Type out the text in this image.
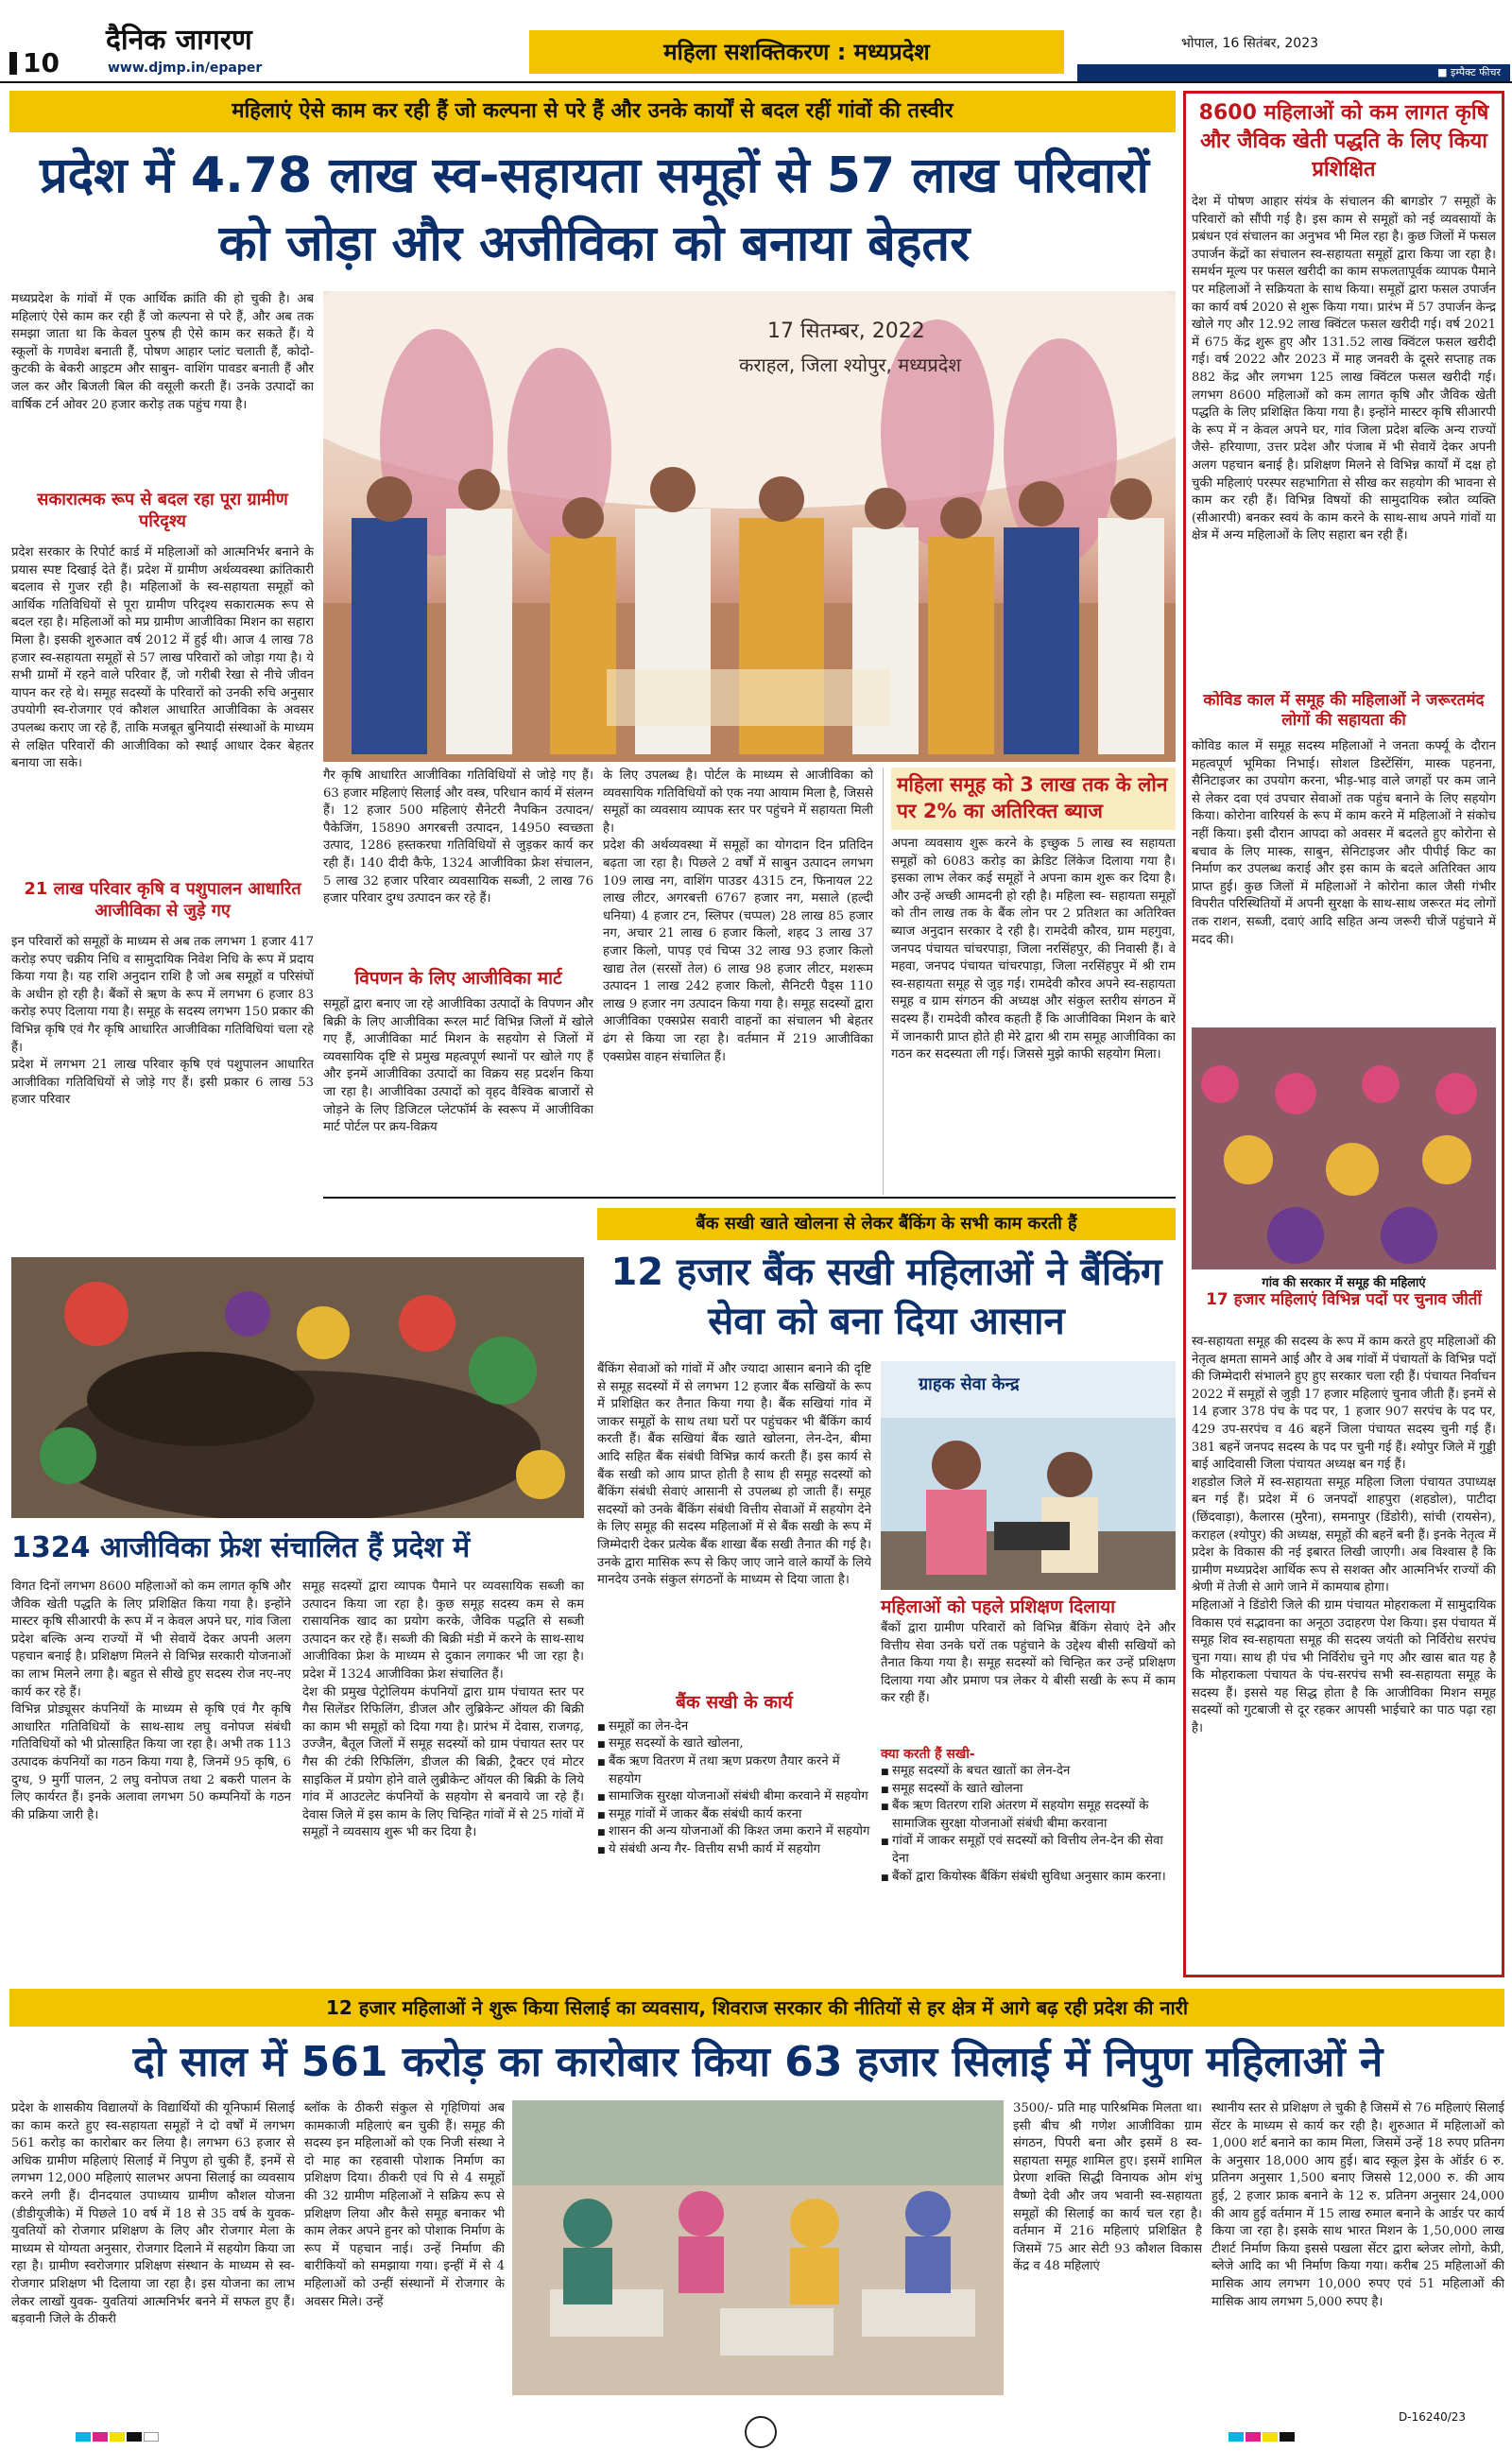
10
दैनिक जागरण
www.djmp.in/epaper
महिला सशक्तिकरण : मध्यप्रदेश	भोपाल, 16 सितंबर, 2023
■ इम्पैक्ट फीचर
महिलाएं ऐसे काम कर रही हैं जो कल्पना से परे हैं और उनके कार्यों से बदल रहीं गांवों की तस्वीर
प्रदेश में 4.78 लाख स्व-सहायता समूहों से 57 लाख परिवारों को जोड़ा और अजीविका को बनाया बेहतर
मध्यप्रदेश के गांवों में एक आर्थिक क्रांति की हो चुकी है। अब महिलाएं ऐसे काम कर रही हैं जो कल्पना से परे हैं, और अब तक समझा जाता था कि केवल पुरुष ही ऐसे काम कर सकते हैं। ये स्कूलों के गणवेश बनाती हैं, पोषण आहार प्लांट चलाती हैं, कोदो-कुटकी के बेकरी आइटम और साबुन- वाशिंग पावडर बनाती हैं और जल कर और बिजली बिल की वसूली करती हैं। उनके उत्पादों का वार्षिक टर्न ओवर 20 हजार करोड़ तक पहुंच गया है।
सकारात्मक रूप से बदल रहा पूरा ग्रामीण परिदृश्य
प्रदेश सरकार के रिपोर्ट कार्ड में महिलाओं को आत्मनिर्भर बनाने के प्रयास स्पष्ट दिखाई देते हैं। प्रदेश में ग्रामीण अर्थव्यवस्था क्रांतिकारी बदलाव से गुजर रही है। महिलाओं के स्व-सहायता समूहों को आर्थिक गतिविधियों से पूरा ग्रामीण परिदृश्य सकारात्मक रूप से बदल रहा है। महिलाओं को मप्र ग्रामीण आजीविका मिशन का सहारा मिला है। इसकी शुरुआत वर्ष 2012 में हुई थी। आज 4 लाख 78 हजार स्व-सहायता समूहों से 57 लाख परिवारों को जोड़ा गया है। ये सभी ग्रामों में रहने वाले परिवार हैं, जो गरीबी रेखा से नीचे जीवन यापन कर रहे थे। समूह सदस्यों के परिवारों को उनकी रुचि अनुसार उपयोगी स्व-रोजगार एवं कौशल आधारित आजीविका के अवसर उपलब्ध कराए जा रहे हैं, ताकि मजबूत बुनियादी संस्थाओं के माध्यम से लक्षित परिवारों की आजीविका को स्थाई आधार देकर बेहतर बनाया जा सके।
21 लाख परिवार कृषि व पशुपालन आधारित आजीविका से जुड़े गए
इन परिवारों को समूहों के माध्यम से अब तक लगभग 1 हजार 417 करोड़ रुपए चक्रीय निधि व सामुदायिक निवेश निधि के रूप में प्रदाय किया गया है। यह राशि अनुदान राशि है जो अब समूहों व परिसंघों के अधीन हो रही है। बैंकों से ऋण के रूप में लगभग 6 हजार 83 करोड़ रुपए दिलाया गया है। समूह के सदस्य लगभग 150 प्रकार की विभिन्न कृषि एवं गैर कृषि आधारित आजीविका गतिविधियां चला रहे हैं।
प्रदेश में लगभग 21 लाख परिवार कृषि एवं पशुपालन आधारित आजीविका गतिविधियों से जोड़े गए हैं। इसी प्रकार 6 लाख 53 हजार परिवार
17 सितम्बर, 2022
कराहल, जिला श्योपुर, मध्यप्रदेश
गैर कृषि आधारित आजीविका गतिविधियों से जोड़े गए हैं। 63 हजार महिलाएं सिलाई और वस्त्र, परिधान कार्य में संलग्न हैं। 12 हजार 500 महिलाएं सैनेटरी नैपकिन उत्पादन/पैकेजिंग, 15890 अगरबत्ती उत्पादन, 14950 स्वच्छता उत्पाद, 1286 हस्तकरघा गतिविधियों से जुड़कर कार्य कर रही हैं। 140 दीदी कैफे, 1324 आजीविका फ्रेश संचालन, 5 लाख 32 हजार परिवार व्यवसायिक सब्जी, 2 लाख 76 हजार परिवार दुग्ध उत्पादन कर रहे हैं।
विपणन के लिए आजीविका मार्ट
समूहों द्वारा बनाए जा रहे आजीविका उत्पादों के विपणन और बिक्री के लिए आजीविका रूरल मार्ट विभिन्न जिलों में खोले गए हैं, आजीविका मार्ट मिशन के सहयोग से जिलों में व्यवसायिक दृष्टि से प्रमुख महत्वपूर्ण स्थानों पर खोले गए हैं और इनमें आजीविका उत्पादों का विक्रय सह प्रदर्शन किया जा रहा है। आजीविका उत्पादों को वृहद वैश्विक बाजारों से जोड़ने के लिए डिजिटल प्लेटफॉर्म के स्वरूप में आजीविका मार्ट पोर्टल पर क्रय-विक्रय
के लिए उपलब्ध है। पोर्टल के माध्यम से आजीविका को व्यवसायिक गतिविधियों को एक नया आयाम मिला है, जिससे समूहों का व्यवसाय व्यापक स्तर पर पहुंचने में सहायता मिली है।
प्रदेश की अर्थव्यवस्था में समूहों का योगदान दिन प्रतिदिन बढ़ता जा रहा है। पिछले 2 वर्षों में साबुन उत्पादन लगभग 109 लाख नग, वाशिंग पाउडर 4315 टन, फिनायल 22 लाख लीटर, अगरबत्ती 6767 हजार नग, मसाले (हल्दी धनिया) 4 हजार टन, स्लिपर (चप्पल) 28 लाख 85 हजार नग, अचार 21 लाख 6 हजार किलो, शहद 3 लाख 37 हजार किलो, पापड़ एवं चिप्स 32 लाख 93 हजार किलो खाद्य तेल (सरसों तेल) 6 लाख 98 हजार लीटर, मशरूम उत्पादन 1 लाख 242 हजार किलो, सैनिटरी पैड्स 110 लाख 9 हजार नग उत्पादन किया गया है। समूह सदस्यों द्वारा आजीविका एक्सप्रेस सवारी वाहनों का संचालन भी बेहतर ढंग से किया जा रहा है। वर्तमान में 219 आजीविका एक्सप्रेस वाहन संचालित हैं।
महिला समूह को 3 लाख तक के लोन पर 2% का अतिरिक्त ब्याज
अपना व्यवसाय शुरू करने के इच्छुक 5 लाख स्व सहायता समूहों को 6083 करोड़ का क्रेडिट लिंकेज दिलाया गया है। इसका लाभ लेकर कई समूहों ने अपना काम शुरू कर दिया है। और उन्हें अच्छी आमदनी हो रही है। महिला स्व- सहायता समूहों को तीन लाख तक के बैंक लोन पर 2 प्रतिशत का अतिरिक्त ब्याज अनुदान सरकार दे रही है। रामदेवी कौरव, ग्राम महगुवा, जनपद पंचायत चांचरपाड़ा, जिला नरसिंहपुर, की निवासी हैं। वे महवा, जनपद पंचायत चांचरपाड़ा, जिला नरसिंहपुर में श्री राम स्व-सहायता समूह से जुड़ गई। रामदेवी कौरव अपने स्व-सहायता समूह व ग्राम संगठन की अध्यक्ष और संकुल स्तरीय संगठन में सदस्य हैं। रामदेवी कौरव कहती हैं कि आजीविका मिशन के बारे में जानकारी प्राप्त होते ही मेरे द्वारा श्री राम समूह आजीविका का गठन कर सदस्यता ली गई। जिससे मुझे काफी सहयोग मिला।
बैंक सखी खाते खोलना से लेकर बैंकिंग के सभी काम करती हैं
12 हजार बैंक सखी महिलाओं ने बैंकिंग सेवा को बना दिया आसान
1324 आजीविका फ्रेश संचालित हैं प्रदेश में
विगत दिनों लगभग 8600 महिलाओं को कम लागत कृषि और जैविक खेती पद्धति के लिए प्रशिक्षित किया गया है। इन्होंने मास्टर कृषि सीआरपी के रूप में न केवल अपने घर, गांव जिला प्रदेश बल्कि अन्य राज्यों में भी सेवायें देकर अपनी अलग पहचान बनाई है। प्रशिक्षण मिलने से विभिन्न सरकारी योजनाओं का लाभ मिलने लगा है। बहुत से सीखे हुए सदस्य रोज नए-नए कार्य कर रहे हैं।
विभिन्न प्रोड्यूसर कंपनियों के माध्यम से कृषि एवं गैर कृषि आधारित गतिविधियों के साथ-साथ लघु वनोपज संबंधी गतिविधियों को भी प्रोत्साहित किया जा रहा है। अभी तक 113 उत्पादक कंपनियों का गठन किया गया है, जिनमें 95 कृषि, 6 दुग्ध, 9 मुर्गी पालन, 2 लघु वनोपज तथा 2 बकरी पालन के लिए कार्यरत हैं। इनके अलावा लगभग 50 कम्पनियों के गठन की प्रक्रिया जारी है।
समूह सदस्यों द्वारा व्यापक पैमाने पर व्यवसायिक सब्जी का उत्पादन किया जा रहा है। कुछ समूह सदस्य कम से कम रासायनिक खाद का प्रयोग करके, जैविक पद्धति से सब्जी उत्पादन कर रहे हैं। सब्जी की बिक्री मंडी में करने के साथ-साथ आजीविका फ्रेश के माध्यम से दुकान लगाकर भी जा रहा है। प्रदेश में 1324 आजीविका फ्रेश संचालित हैं।
देश की प्रमुख पेट्रोलियम कंपनियों द्वारा ग्राम पंचायत स्तर पर गैस सिलेंडर रिफिलिंग, डीजल और लुब्रिकेन्ट ऑयल की बिक्री का काम भी समूहों को दिया गया है। प्रारंभ में देवास, राजगढ़, उज्जैन, बैतूल जिलों में समूह सदस्यों को ग्राम पंचायत स्तर पर गैस की टंकी रिफिलिंग, डीजल की बिक्री, ट्रैक्टर एवं मोटर साइकिल में प्रयोग होने वाले लुब्रीकेन्ट ऑयल की बिक्री के लिये गांव में आउटलेट कंपनियों के सहयोग से बनवाये जा रहे हैं। देवास जिले में इस काम के लिए चिन्हित गांवों में से 25 गांवों में समूहों ने व्यवसाय शुरू भी कर दिया है।
बैंकिंग सेवाओं को गांवों में और ज्यादा आसान बनाने की दृष्टि से समूह सदस्यों में से लगभग 12 हजार बैंक सखियों के रूप में प्रशिक्षित कर तैनात किया गया है। बैंक सखियां गांव में जाकर समूहों के साथ तथा घरों पर पहुंचकर भी बैंकिंग कार्य करती हैं। बैंक सखियां बैंक खाते खोलना, लेन-देन, बीमा आदि सहित बैंक संबंधी विभिन्न कार्य करती हैं। इस कार्य से बैंक सखी को आय प्राप्त होती है साथ ही समूह सदस्यों को बैंकिंग संबंधी सेवाएं आसानी से उपलब्ध हो जाती हैं। समूह सदस्यों को उनके बैंकिंग संबंधी वित्तीय सेवाओं में सहयोग देने के लिए समूह की सदस्य महिलाओं में से बैंक सखी के रूप में जिम्मेदारी देकर प्रत्येक बैंक शाखा बैंक सखी तैनात की गई है। उनके द्वारा मासिक रूप से किए जाए जाने वाले कार्यों के लिये मानदेय उनके संकुल संगठनों के माध्यम से दिया जाता है।
ग्राहक सेवा केन्द्र
बैंक सखी के कार्य
■ समूहों का लेन-देन
■ समूह सदस्यों के खाते खोलना,
■ बैंक ऋण वितरण में तथा ऋण प्रकरण तैयार करने में सहयोग
■ सामाजिक सुरक्षा योजनाओं संबंधी बीमा करवाने में सहयोग
■ समूह गांवों में जाकर बैंक संबंधी कार्य करना
■ शासन की अन्य योजनाओं की किश्त जमा कराने में सहयोग
■ ये संबंधी अन्य गैर- वित्तीय सभी कार्य में सहयोग
महिलाओं को पहले प्रशिक्षण दिलाया
बैंकों द्वारा ग्रामीण परिवारों को विभिन्न बैंकिंग सेवाएं देने और वित्तीय सेवा उनके घरों तक पहुंचाने के उद्देश्य बीसी सखियों को तैनात किया गया है। समूह सदस्यों को चिन्हित कर उन्हें प्रशिक्षण दिलाया गया और प्रमाण पत्र लेकर ये बीसी सखी के रूप में काम कर रही हैं।
क्या करती हैं सखी-
■ समूह सदस्यों के बचत खातों का लेन-देन
■ समूह सदस्यों के खाते खोलना
■ बैंक ऋण वितरण राशि अंतरण में सहयोग समूह सदस्यों के सामाजिक सुरक्षा योजनाओं संबंधी बीमा करवाना
■ गांवों में जाकर समूहों एवं सदस्यों को वित्तीय लेन-देन की सेवा देना
■ बैंकों द्वारा कियोस्क बैंकिंग संबंधी सुविधा अनुसार काम करना।
8600 महिलाओं को कम लागत कृषि और जैविक खेती पद्धति के लिए किया प्रशिक्षित
देश में पोषण आहार संयंत्र के संचालन की बागडोर 7 समूहों के परिवारों को सौंपी गई है। इस काम से समूहों को नई व्यवसायों के प्रबंधन एवं संचालन का अनुभव भी मिल रहा है। कुछ जिलों में फसल उपार्जन केंद्रों का संचालन स्व-सहायता समूहों द्वारा किया जा रहा है। समर्थन मूल्य पर फसल खरीदी का काम सफलतापूर्वक व्यापक पैमाने पर महिलाओं ने सक्रियता के साथ किया। समूहों द्वारा फसल उपार्जन का कार्य वर्ष 2020 से शुरू किया गया। प्रारंभ में 57 उपार्जन केन्द्र खोले गए और 12.92 लाख क्विंटल फसल खरीदी गई। वर्ष 2021 में 675 केंद्र शुरू हुए और 131.52 लाख क्विंटल फसल खरीदी गई। वर्ष 2022 और 2023 में माह जनवरी के दूसरे सप्ताह तक 882 केंद्र और लगभग 125 लाख क्विंटल फसल खरीदी गई। लगभग 8600 महिलाओं को कम लागत कृषि और जैविक खेती पद्धति के लिए प्रशिक्षित किया गया है। इन्होंने मास्टर कृषि सीआरपी के रूप में न केवल अपने घर, गांव जिला प्रदेश बल्कि अन्य राज्यों जैसे- हरियाणा, उत्तर प्रदेश और पंजाब में भी सेवायें देकर अपनी अलग पहचान बनाई है। प्रशिक्षण मिलने से विभिन्न कार्यों में दक्ष हो चुकी महिलाएं परस्पर सहभागिता से सीख कर सहयोग की भावना से काम कर रही हैं। विभिन्न विषयों की सामुदायिक स्त्रोत व्यक्ति (सीआरपी) बनकर स्वयं के काम करने के साथ-साथ अपने गांवों या क्षेत्र में अन्य महिलाओं के लिए सहारा बन रही हैं।
कोविड काल में समूह की महिलाओं ने जरूरतमंद लोगों की सहायता की
कोविड काल में समूह सदस्य महिलाओं ने जनता कर्फ्यू के दौरान महत्वपूर्ण भूमिका निभाई। सोशल डिस्टेंसिंग, मास्क पहनना, सैनिटाइजर का उपयोग करना, भीड़-भाड़ वाले जगहों पर कम जाने से लेकर दवा एवं उपचार सेवाओं तक पहुंच बनाने के लिए सहयोग किया। कोरोना वारियर्स के रूप में काम करने में महिलाओं ने संकोच नहीं किया। इसी दौरान आपदा को अवसर में बदलते हुए कोरोना से बचाव के लिए मास्क, साबुन, सेनिटाइजर और पीपीई किट का निर्माण कर उपलब्ध कराई और इस काम के बदले अतिरिक्त आय प्राप्त हुई। कुछ जिलों में महिलाओं ने कोरोना काल जैसी गंभीर विपरीत परिस्थितियों में अपनी सुरक्षा के साथ-साथ जरूरत मंद लोगों तक राशन, सब्जी, दवाएं आदि सहित अन्य जरूरी चीजें पहुंचाने में मदद की।
गांव की सरकार में समूह की महिलाएं
17 हजार महिलाएं विभिन्न पदों पर चुनाव जीतीं
स्व-सहायता समूह की सदस्य के रूप में काम करते हुए महिलाओं की नेतृत्व क्षमता सामने आई और वे अब गांवों में पंचायतों के विभिन्न पदों की जिम्मेदारी संभालने हुए हुए सरकार चला रही हैं। पंचायत निर्वाचन 2022 में समूहों से जुड़ी 17 हजार महिलाएं चुनाव जीती हैं। इनमें से 14 हजार 378 पंच के पद पर, 1 हजार 907 सरपंच के पद पर, 429 उप-सरपंच व 46 बहनें जिला पंचायत सदस्य चुनी गई हैं। 381 बहनें जनपद सदस्य के पद पर चुनी गई हैं। श्योपुर जिले में गुड्डी बाई आदिवासी जिला पंचायत अध्यक्ष बन गई हैं।
शहडोल जिले में स्व-सहायता समूह महिला जिला पंचायत उपाध्यक्ष बन गई हैं। प्रदेश में 6 जनपदों शाहपुरा (शहडोल), पाटीदा (छिंदवाड़ा), कैलारस (मुरैना), समनापुर (डिंडोरी), सांची (रायसेन), कराहल (श्योपुर) की अध्यक्ष, समूहों की बहनें बनी हैं। इनके नेतृत्व में प्रदेश के विकास की नई इबारत लिखी जाएगी। अब विश्वास है कि ग्रामीण मध्यप्रदेश आर्थिक रूप से सशक्त और आत्मनिर्भर राज्यों की श्रेणी में तेजी से आगे जाने में कामयाब होगा।
महिलाओं ने डिंडोरी जिले की ग्राम पंचायत मोहराकला में सामुदायिक विकास एवं सद्भावना का अनूठा उदाहरण पेश किया। इस पंचायत में समूह शिव स्व-सहायता समूह की सदस्य जयंती को निर्विरोध सरपंच चुना गया। साथ ही पंच भी निर्विरोध चुने गए और खास बात यह है कि मोहराकला पंचायत के पंच-सरपंच सभी स्व-सहायता समूह के सदस्य हैं। इससे यह सिद्ध होता है कि आजीविका मिशन समूह सदस्यों को गुटबाजी से दूर रहकर आपसी भाईचारे का पाठ पढ़ा रहा है।
12 हजार महिलाओं ने शुरू किया सिलाई का व्यवसाय, शिवराज सरकार की नीतियों से हर क्षेत्र में आगे बढ़ रही प्रदेश की नारी
दो साल में 561 करोड़ का कारोबार किया 63 हजार सिलाई में निपुण महिलाओं ने
प्रदेश के शासकीय विद्यालयों के विद्यार्थियों की यूनिफार्म सिलाई का काम करते हुए स्व-सहायता समूहों ने दो वर्षों में लगभग 561 करोड़ का कारोबार कर लिया है। लगभग 63 हजार से अधिक ग्रामीण महिलाएं सिलाई में निपुण हो चुकी हैं, इनमें से लगभग 12,000 महिलाएं सालभर अपना सिलाई का व्यवसाय करने लगी हैं। दीनदयाल उपाध्याय ग्रामीण कौशल योजना (डीडीयूजीके) में पिछले 10 वर्ष में 18 से 35 वर्ष के युवक-युवतियों को रोजगार प्रशिक्षण के लिए और रोजगार मेला के माध्यम से योग्यता अनुसार, रोजगार दिलाने में सहयोग किया जा रहा है। ग्रामीण स्वरोजगार प्रशिक्षण संस्थान के माध्यम से स्व-रोजगार प्रशिक्षण भी दिलाया जा रहा है। इस योजना का लाभ लेकर लाखों युवक- युवतियां आत्मनिर्भर बनने में सफल हुए हैं। बड़वानी जिले के ठीकरी
ब्लॉक के ठीकरी संकुल से गृहिणियां अब कामकाजी महिलाएं बन चुकी हैं। समूह की सदस्य इन महिलाओं को एक निजी संस्था ने दो माह का रहवासी पोशाक निर्माण का प्रशिक्षण दिया। ठीकरी एवं पि से 4 समूहों की 32 ग्रामीण महिलाओं ने सक्रिय रूप से प्रशिक्षण लिया और कैसे समूह बनाकर भी काम लेकर अपने हुनर को पोशाक निर्माण के रूप में पहचान नाई। उन्हें निर्माण की बारीकियों को समझाया गया। इन्हीं में से 4 महिलाओं को उन्हीं संस्थानों में रोजगार के अवसर मिले। उन्हें
3500/- प्रति माह पारिश्रमिक मिलता था। इसी बीच श्री गणेश आजीविका ग्राम संगठन, पिपरी बना और इसमें 8 स्व- सहायता समूह शामिल हुए। इसमें शामिल प्रेरणा शक्ति सिद्धी विनायक ओम शंभु वैष्णो देवी और जय भवानी स्व-सहायता समूहों की सिलाई का कार्य चल रहा है। वर्तमान में 216 महिलाएं प्रशिक्षित है जिसमें 75 आर सेटी 93 कौशल विकास केंद्र व 48 महिलाएं
स्थानीय स्तर से प्रशिक्षण ले चुकी है जिसमें से 76 महिलाएं सिलाई सेंटर के माध्यम से कार्य कर रही है। शुरुआत में महिलाओं को 1,000 शर्ट बनाने का काम मिला, जिसमें उन्हें 18 रुपए प्रतिनग के अनुसार 18,000 आय हुई। बाद स्कूल ड्रेस के ऑर्डर 6 रु. प्रतिनग अनुसार 1,500 बनाए जिससे 12,000 रु. की आय हुई, 2 हजार फ्राक बनाने के 12 रु. प्रतिनग अनुसार 24,000 की आय हुई वर्तमान में 15 लाख रुमाल बनाने के आर्डर पर कार्य किया जा रहा है। इसके साथ भारत मिशन के 1,50,000 लाख टीशर्ट निर्माण किया इससे पखला सेंटर द्वारा ब्लेजर लोगो, केप्री, ब्लेजे आदि का भी निर्माण किया गया। करीब 25 महिलाओं की मासिक आय लगभग 10,000 रुपए एवं 51 महिलाओं की मासिक आय लगभग 5,000 रुपए है।
D-16240/23
